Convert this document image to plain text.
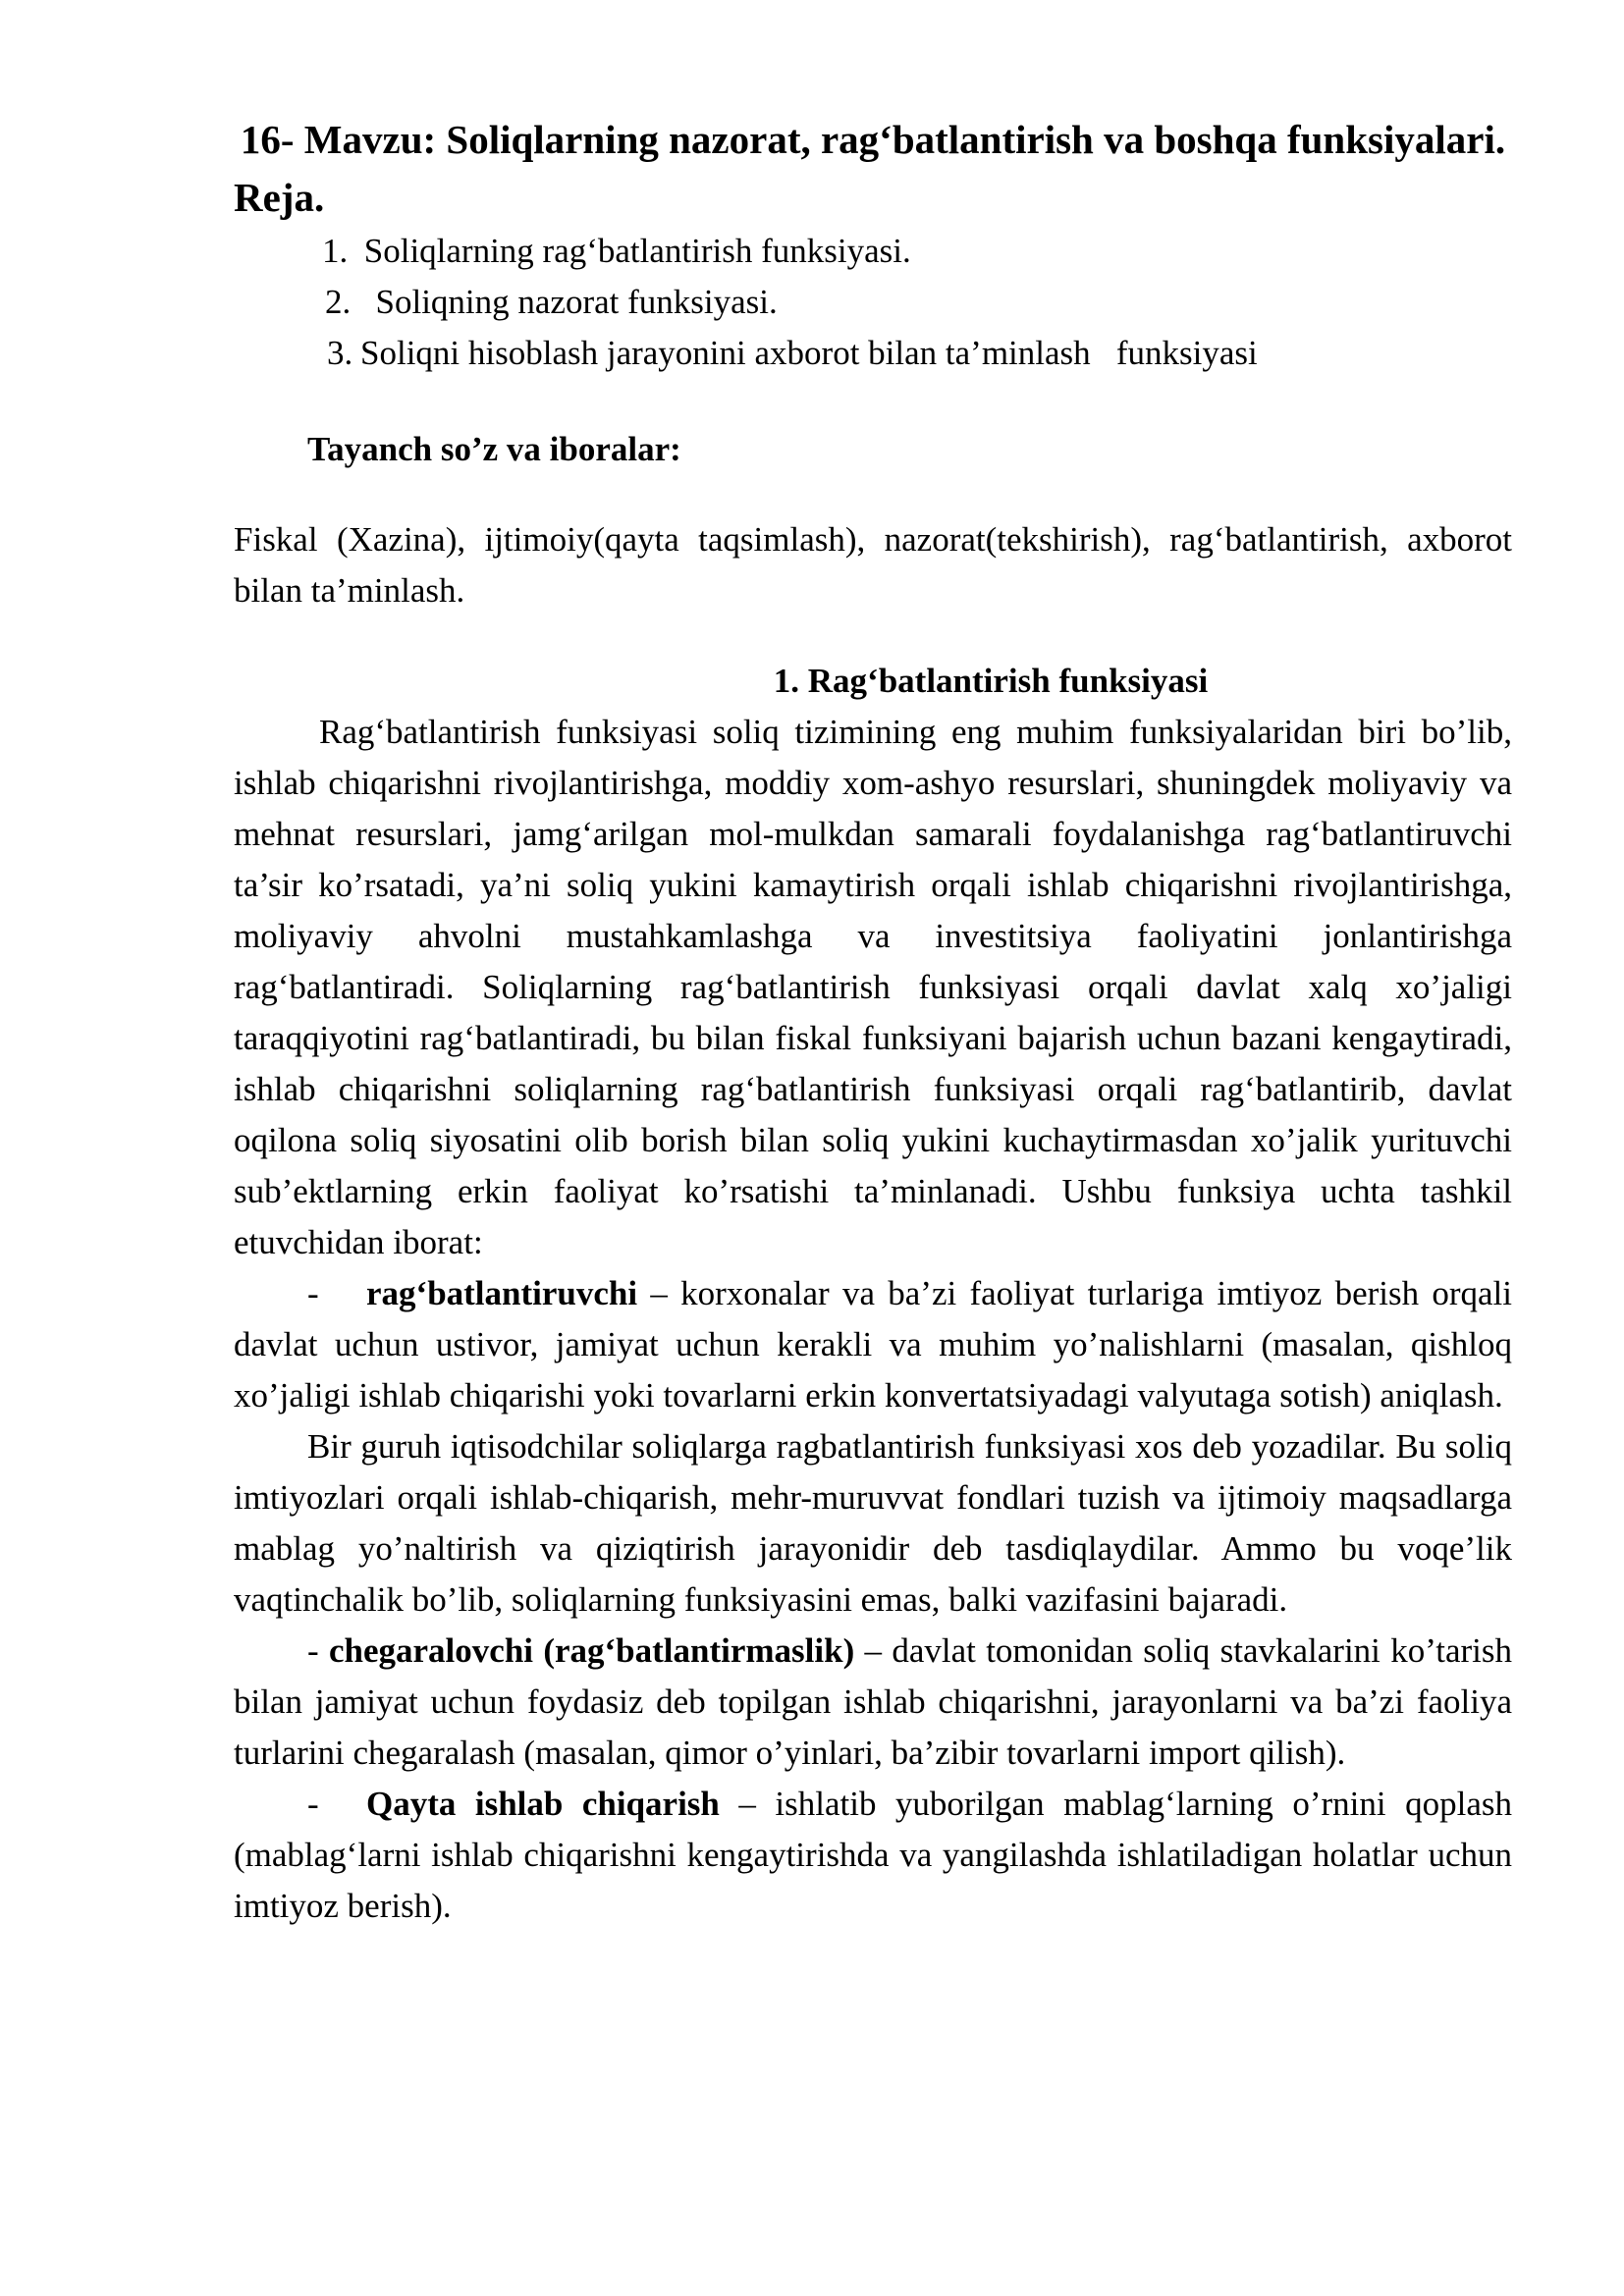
16- Mavzu: Soliqlarning nazorat, rag‘batlantirish va boshqa funksiyalari.

Reja.

1. Soliqlarning rag‘batlantirish funksiyasi.
2.  Soliqning nazorat funksiyasi.
3. Soliqni hisoblash jarayonini axborot bilan ta’minlash   funksiyasi

Tayanch so’z va iboralar:

Fiskal (Xazina), ijtimoiy(qayta taqsimlash), nazorat(tekshirish), rag‘batlantirish, axborot bilan ta’minlash.

1. Rag‘batlantirish funksiyasi

Rag‘batlantirish funksiyasi soliq tizimining eng muhim funksiyalaridan biri bo’lib, ishlab chiqarishni rivojlantirishga, moddiy xom-ashyo resurslari, shuningdek moliyaviy va mehnat resurslari, jamg‘arilgan mol-mulkdan samarali foydalanishga rag‘batlantiruvchi ta’sir ko’rsatadi, ya’ni soliq yukini kamaytirish orqali ishlab chiqarishni rivojlantirishga, moliyaviy ahvolni mustahkamlashga va investitsiya faoliyatini jonlantirishga rag‘batlantiradi. Soliqlarning rag‘batlantirish funksiyasi orqali davlat xalq xo’jaligi taraqqiyotini rag‘batlantiradi, bu bilan fiskal funksiyani bajarish uchun bazani kengaytiradi, ishlab chiqarishni soliqlarning rag‘batlantirish funksiyasi orqali rag‘batlantirib, davlat oqilona soliq siyosatini olib borish bilan soliq yukini kuchaytirmasdan xo’jalik yurituvchi sub’ektlarning erkin faoliyat ko’rsatishi ta’minlanadi. Ushbu funksiya uchta tashkil etuvchidan iborat:

- rag‘batlantiruvchi – korxonalar va ba’zi faoliyat turlariga imtiyoz berish orqali davlat uchun ustivor, jamiyat uchun kerakli va muhim yo’nalishlarni (masalan, qishloq xo’jaligi ishlab chiqarishi yoki tovarlarni erkin konvertatsiyadagi valyutaga sotish) aniqlash.

Bir guruh iqtisodchilar soliqlarga ragbatlantirish funksiyasi xos deb yozadilar. Bu soliq imtiyozlari orqali ishlab-chiqarish, mehr-muruvvat fondlari tuzish va ijtimoiy maqsadlarga mablag yo’naltirish va qiziqtirish jarayonidir deb tasdiqlaydilar. Ammo bu voqe’lik vaqtinchalik bo’lib, soliqlarning funksiyasini emas, balki vazifasini bajaradi.

- chegaralovchi (rag‘batlantirmaslik) – davlat tomonidan soliq stavkalarini ko’tarish bilan jamiyat uchun foydasiz deb topilgan ishlab chiqarishni, jarayonlarni va ba’zi faoliya turlarini chegaralash (masalan, qimor o’yinlari, ba’zibir tovarlarni import qilish).

- Qayta ishlab chiqarish – ishlatib yuborilgan mablag‘larning o’rnini qoplash (mablag‘larni ishlab chiqarishni kengaytirishda va yangilashda ishlatiladigan holatlar uchun imtiyoz berish).
